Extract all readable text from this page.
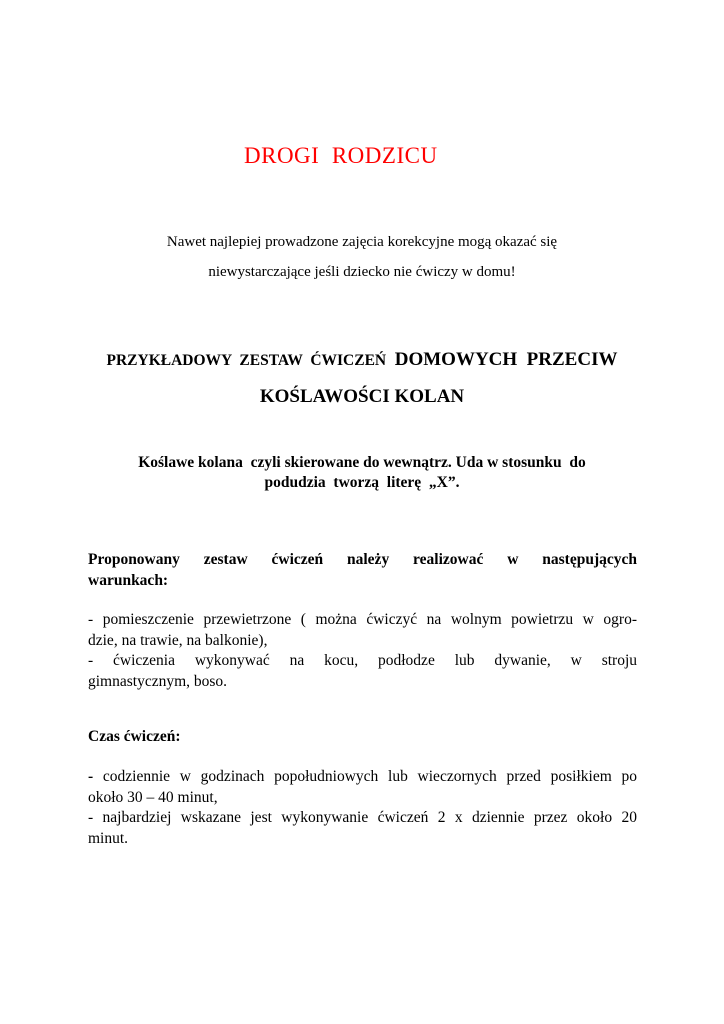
DROGI  RODZICU
Nawet najlepiej prowadzone zajęcia korekcyjne mogą okazać się
niewystarczające jeśli dziecko nie ćwiczy w domu!
PRZYKŁADOWY  ZESTAW  ĆWICZEŃ  DOMOWYCH  PRZECIW
KOŚLAWOŚCI KOLAN
Koślawe kolana  czyli skierowane do wewnątrz. Uda w stosunku  do
podudzia  tworzą  literę  „X”.
Proponowany zestaw ćwiczeń należy realizować w następujących
warunkach:
- pomieszczenie przewietrzone ( można ćwiczyć na wolnym powietrzu w ogro-
dzie, na trawie, na balkonie),
- ćwiczenia wykonywać na kocu, podłodze lub dywanie, w stroju
gimnastycznym, boso.
Czas ćwiczeń:
- codziennie w godzinach popołudniowych lub wieczornych przed posiłkiem po
około 30 – 40 minut,
- najbardziej wskazane jest wykonywanie ćwiczeń 2 x dziennie przez około 20
minut.
